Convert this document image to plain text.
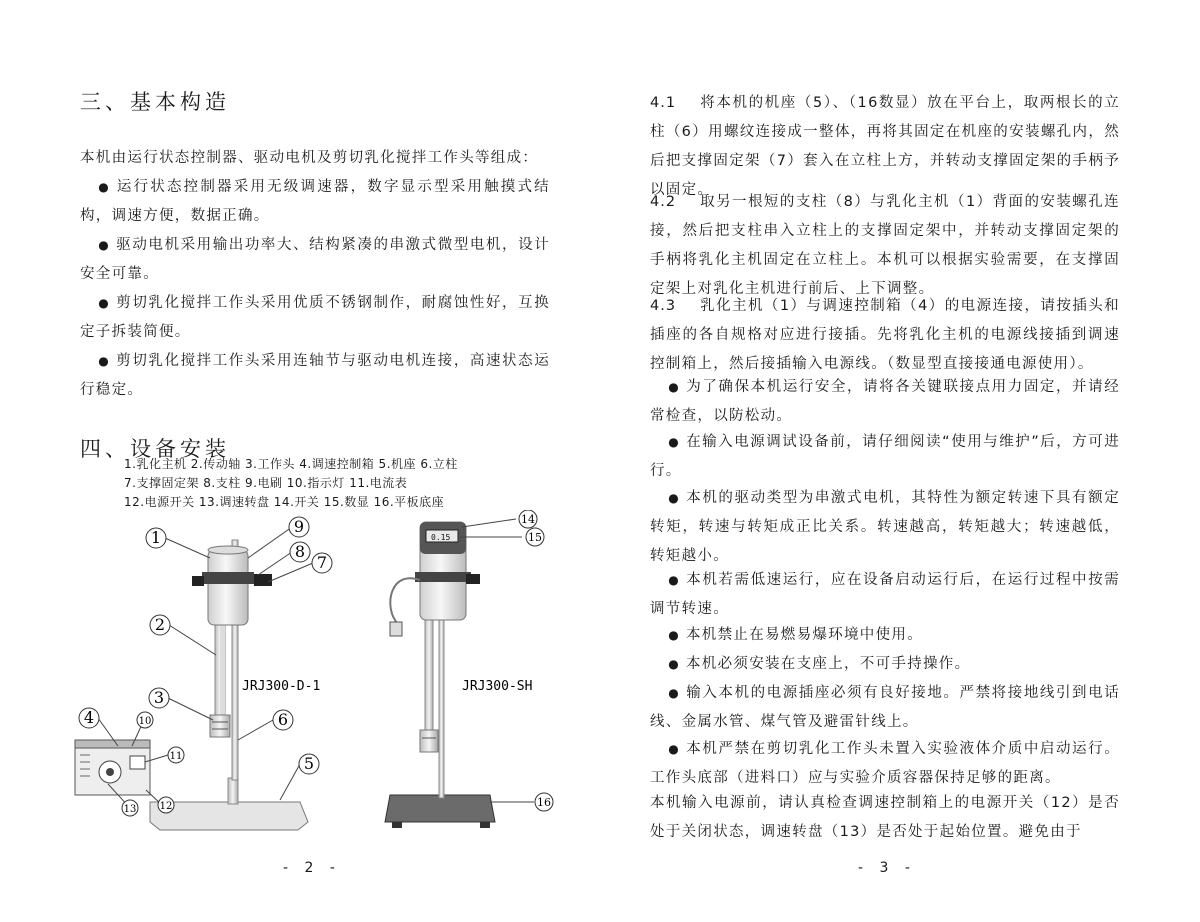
三、基本构造
本机由运行状态控制器、驱动电机及剪切乳化搅拌工作头等组成：
● 运行状态控制器采用无级调速器，数字显示型采用触摸式结构，调速方便，数据正确。
● 驱动电机采用输出功率大、结构紧凑的串激式微型电机，设计安全可靠。
● 剪切乳化搅拌工作头采用优质不锈钢制作，耐腐蚀性好，互换定子拆装简便。
● 剪切乳化搅拌工作头采用连轴节与驱动电机连接，高速状态运行稳定。
四、设备安装
1.乳化主机 2.传动轴 3.工作头 4.调速控制箱 5.机座 6.立柱
7.支撑固定架 8.支柱 9.电刷 10.指示灯 11.电流表
12.电源开关 13.调速转盘 14.开关 15.数显 16.平板底座
0.15
1
9
8
7
2
3
6
5
4	10
11
13 12
14
15
16
JRJ300-D-1	JRJ300-SH
- 2 -
4.1 将本机的机座（5）、（16数显）放在平台上，取两根长的立柱（6）用螺纹连接成一整体，再将其固定在机座的安装螺孔内，然后把支撑固定架（7）套入在立柱上方，并转动支撑固定架的手柄予以固定。
4.2 取另一根短的支柱（8）与乳化主机（1）背面的安装螺孔连接，然后把支柱串入立柱上的支撑固定架中，并转动支撑固定架的手柄将乳化主机固定在立柱上。本机可以根据实验需要，在支撑固定架上对乳化主机进行前后、上下调整。
4.3 乳化主机（1）与调速控制箱（4）的电源连接，请按插头和插座的各自规格对应进行接插。先将乳化主机的电源线接插到调速控制箱上，然后接插输入电源线。（数显型直接接通电源使用）。
● 为了确保本机运行安全，请将各关键联接点用力固定，并请经常检查，以防松动。
● 在输入电源调试设备前，请仔细阅读“使用与维护”后，方可进行。
● 本机的驱动类型为串激式电机，其特性为额定转速下具有额定转矩，转速与转矩成正比关系。转速越高，转矩越大；转速越低，转矩越小。
● 本机若需低速运行，应在设备启动运行后，在运行过程中按需调节转速。
● 本机禁止在易燃易爆环境中使用。
● 本机必须安装在支座上，不可手持操作。
● 输入本机的电源插座必须有良好接地。严禁将接地线引到电话线、金属水管、煤气管及避雷针线上。
● 本机严禁在剪切乳化工作头未置入实验液体介质中启动运行。工作头底部（进料口）应与实验介质容器保持足够的距离。
本机输入电源前，请认真检查调速控制箱上的电源开关（12）是否处于关闭状态，调速转盘（13）是否处于起始位置。避免由于
- 3 -
